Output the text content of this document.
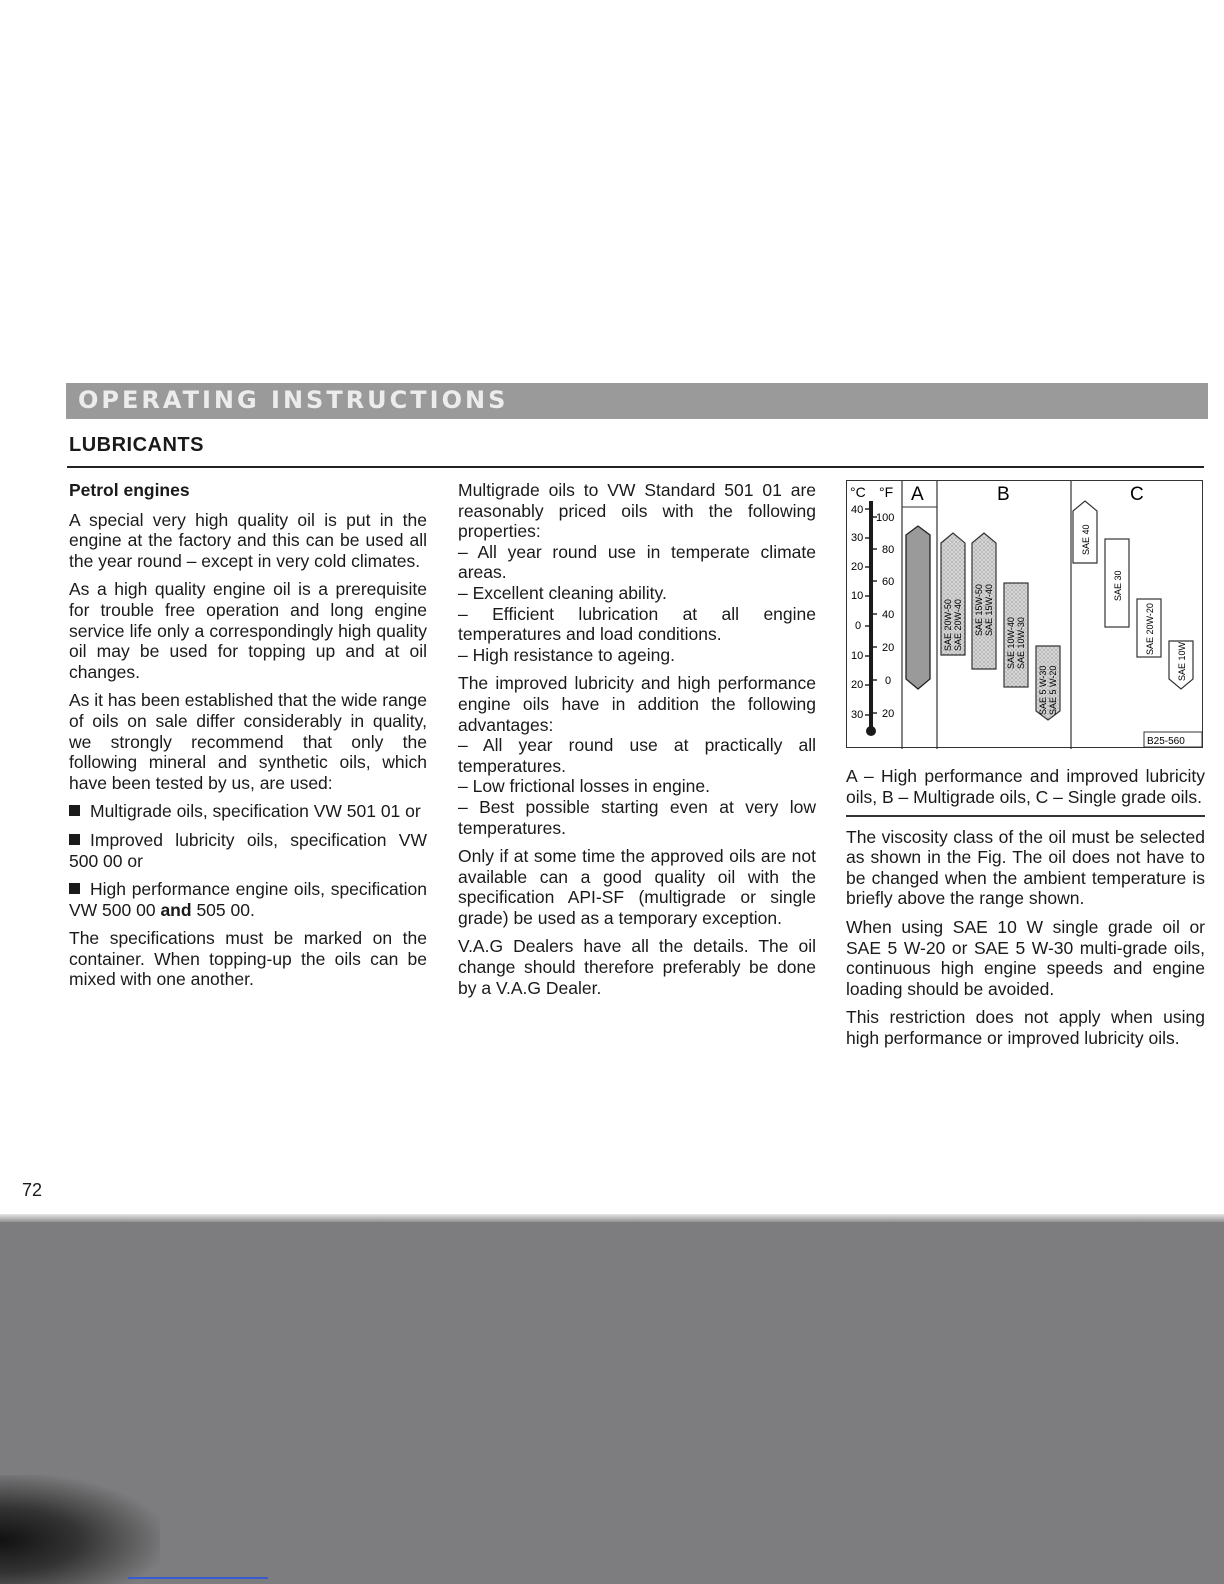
OPERATING INSTRUCTIONS
LUBRICANTS
Petrol engines

A special very high quality oil is put in the engine at the factory and this can be used all the year round – except in very cold climates.

As a high quality engine oil is a prerequisite for trouble free operation and long engine service life only a correspondingly high quality oil may be used for topping up and at oil changes.

As it has been established that the wide range of oils on sale differ considerably in quality, we strongly recommend that only the following mineral and synthetic oils, which have been tested by us, are used:

Multigrade oils, specification VW 501 01 or

Improved lubricity oils, specification VW 500 00 or

High performance engine oils, specification VW 500 00 and 505 00.

The specifications must be marked on the container. When topping-up the oils can be mixed with one another.

Multigrade oils to VW Standard 501 01 are reasonably priced oils with the following properties:

– All year round use in temperate climate areas.

– Excellent cleaning ability.

– Efficient lubrication at all engine temperatures and load conditions.

– High resistance to ageing.

The improved lubricity and high performance engine oils have in addition the following advantages:

– All year round use at practically all temperatures.

– Low frictional losses in engine.

– Best possible starting even at very low temperatures.

Only if at some time the approved oils are not available can a good quality oil with the specification API-SF (multigrade or single grade) be used as a temporary exception.

V.A.G Dealers have all the details. The oil change should therefore preferably be done by a V.A.G Dealer.

°C °F A	B	C
40
30
20
10
0
10
20
30
100
80
60
40
20
0
20
SAE 20W-50 SAE 20W-40 SAE 15W-50 SAE 15W-40
SAE 10W-40 SAE 10W-30
SAE 5 W-30 SAE 5 W-20
SAE 40
SAE 30
SAE 20W-20
SAE 10W
B25-560

A – High performance and improved lubricity oils, B – Multigrade oils, C – Single grade oils.

The viscosity class of the oil must be selected as shown in the Fig. The oil does not have to be changed when the ambient temperature is briefly above the range shown.

When using SAE 10 W single grade oil or SAE 5 W-20 or SAE 5 W-30 multi-grade oils, continuous high engine speeds and engine loading should be avoided.

This restriction does not apply when using high performance or improved lubricity oils.

72
